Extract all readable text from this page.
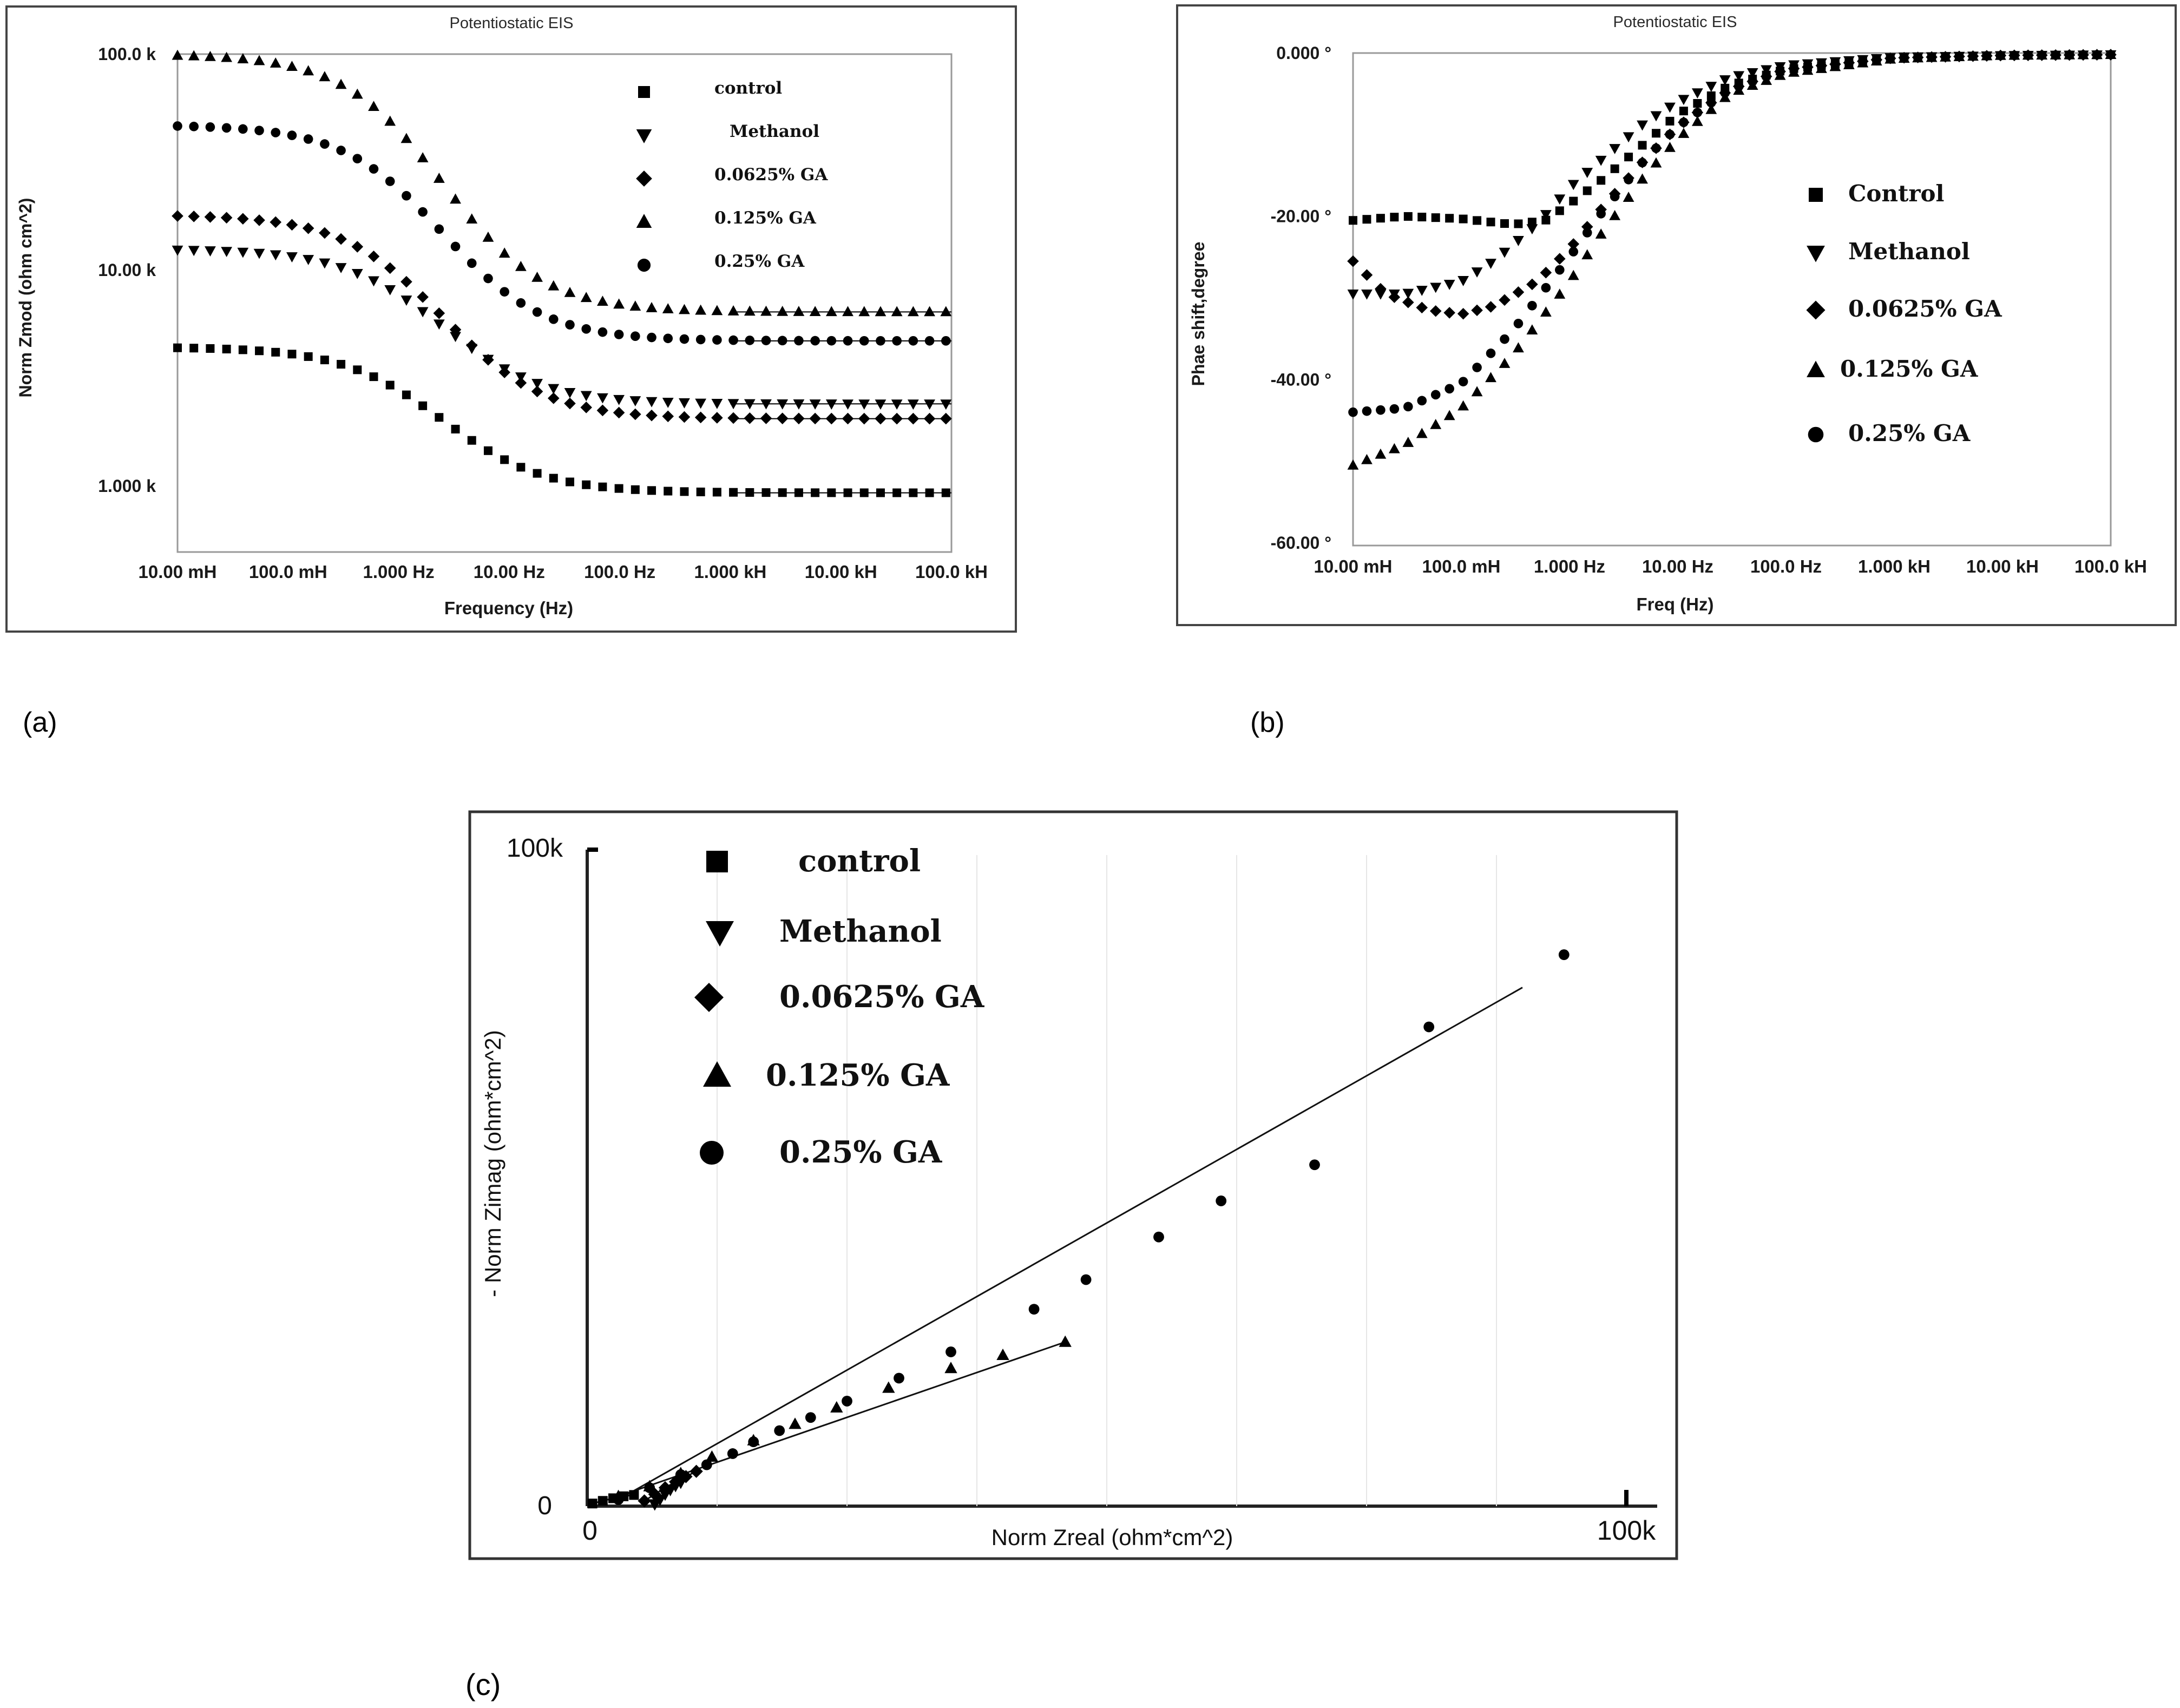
Potentiostatic EIS
1.000 k
10.00 k
100.0 k
10.00 mH 100.0 mH 1.000 Hz 10.00 Hz 100.0 Hz 1.000 kH 10.00 kH 100.0 kH
Norm Zmod (ohm cm^2)
Frequency (Hz)
control
Methanol
0.0625% GA
0.125% GA
0.25% GA
(a)
Potentiostatic EIS
0.000 °
-20.00 °
-40.00 °
-60.00 °
10.00 mH 100.0 mH 1.000 Hz 10.00 Hz 100.0 Hz 1.000 kH 10.00 kH 100.0 kH
Phae shift,degree
Freq (Hz)
Control
Methanol
0.0625% GA
0.125% GA
0.25% GA
(b)
100k
0
0	100k
- Norm Zimag (ohm*cm^2)
Norm Zreal (ohm*cm^2)
control
Methanol
0.0625% GA
0.125% GA
0.25% GA
(c)
